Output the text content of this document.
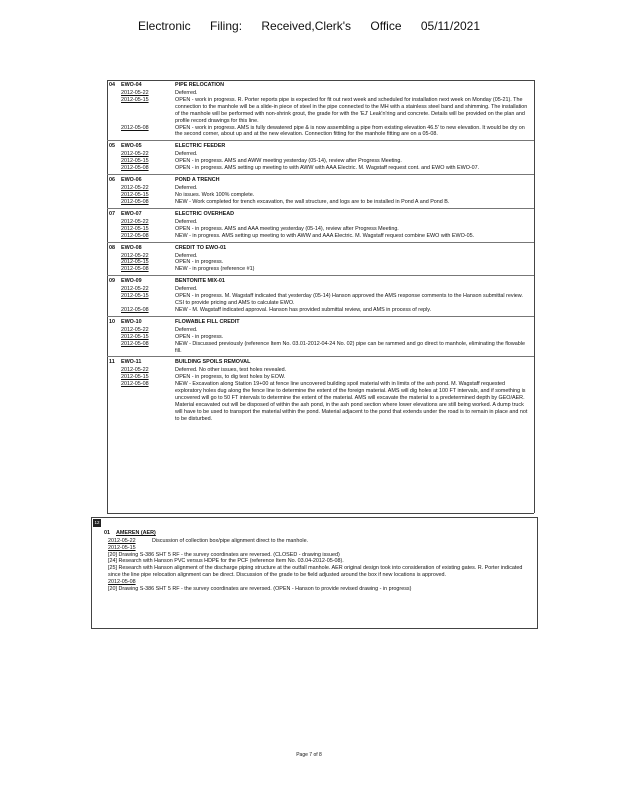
Electronic Filing: Received,Clerk's Office 05/11/2021
04	EWO-04	PIPE RELOCATION
2012-05-22	Deferred.
2012-05-15	OPEN - work in progress. R. Porter reports pipe is expected for fit out next week and scheduled for installation next week on Monday (05-21). The connection to the manhole will be a slide-in piece of steel in the pipe connected to the MH with a stainless steel band and shimming. The installation of the manhole will be performed with non-shrink grout, the grade for with the 'EJ' Leak'n'ring and concrete. Details will be provided on the plan and profile record drawings for this line.
2012-05-08	OPEN - work in progress. AMS is fully dewatered pipe & is now assembling a pipe from existing elevation 46.5' to new elevation. It would be dry on the second corner, about up and at the new elevation. Connection fitting for the manhole fitting are on a 05-08.
05	EWO-05	ELECTRIC FEEDER
2012-05-22	Deferred.
2012-05-15	OPEN - in progress. AMS and AWW meeting yesterday (05-14), review after Progress Meeting.
2012-05-08	OPEN - in progress. AMS setting up meeting to with AWW with AAA Electric. M. Wagstaff request cont. and EWO with EWO-07.
06	EWO-06	POND A TRENCH
2012-05-22	Deferred.
2012-05-15	No issues. Work 100% complete.
2012-05-08	NEW - Work completed for trench excavation, the wall structure, and logs are to be installed in Pond A and Pond B.
07	EWO-07	ELECTRIC OVERHEAD
2012-05-22	Deferred.
2012-05-15	OPEN - in progress. AMS and AAA meeting yesterday (05-14), review after Progress Meeting.
2012-05-08	NEW - in progress. AMS setting up meeting to with AWW and AAA Electric. M. Wagstaff request combine EWO with EWO-05.
08	EWO-08	CREDIT TO EWO-01
2012-05-22	Deferred.
2012-05-15	OPEN - in progress.
2012-05-08	NEW - in progress (reference #1)
09	EWO-09	BENTONITE MIX-01
2012-05-22	Deferred.
2012-05-15	OPEN - in progress. M. Wagstaff indicated that yesterday (05-14) Hanson approved the AMS response comments to the Hanson submittal review. CSI to provide pricing and AMS to calculate EWO.
2012-05-08	NEW - M. Wagstaff indicated approval. Hanson has provided submittal review, and AMS in process of reply.
10	EWO-10	FLOWABLE FILL CREDIT
2012-05-22	Deferred.
2012-05-15	OPEN - in progress.
2012-05-08	NEW - Discussed previously (reference Item No. 03.01-2012-04-24 No. 02) pipe can be rammed and go direct to manhole, eliminating the flowable fill.
11	EWO-11	BUILDING SPOILS REMOVAL
2012-05-22	Deferred. No other issues, test holes revealed.
2012-05-15	OPEN - in progress, to dig test holes by EOW.
2012-05-08	NEW - Excavation along Station 19+00 at fence line uncovered building spoil material with in limits of the ash pond. M. Wagstaff requested exploratory holes dug along the fence line to determine the extent of the foreign material. AMS will dig holes at 100 FT intervals, and if something is uncovered will go to 50 FT intervals to determine the extent of the material. AMS will excavate the material to a predetermined depth by GEO/AER. Material excavated out will be disposed of within the ash pond, in the ash pond section where lower elevations are still being worked. A dump truck will have to be used to transport the material within the pond. Material adjacent to the pond that extends under the road is to remain in place and not to be disturbed.
12
01	AMEREN (AER)
2012-05-22	Discussion of collection box/pipe alignment direct to the manhole.
2012-05-15
[20] Drawing S-386 SHT 5 RF - the survey coordinates are reversed. (CLOSED - drawing issued)
[24] Research with Hanson PVC versus HDPE for the PCF (reference Item No. 03.04-2012-05-08).
[25] Research with Hanson alignment of the discharge piping structure at the outfall manhole. AER original design took into consideration of existing gates. R. Porter indicated since the line pipe relocation alignment can be direct. Discussion of the grade to be field adjusted around the box if new locations is approved.
2012-05-08
[20] Drawing S-386 SHT 5 RF - the survey coordinates are reversed. (OPEN - Hanson to provide revised drawing - in progress)
Page 7 of 8
